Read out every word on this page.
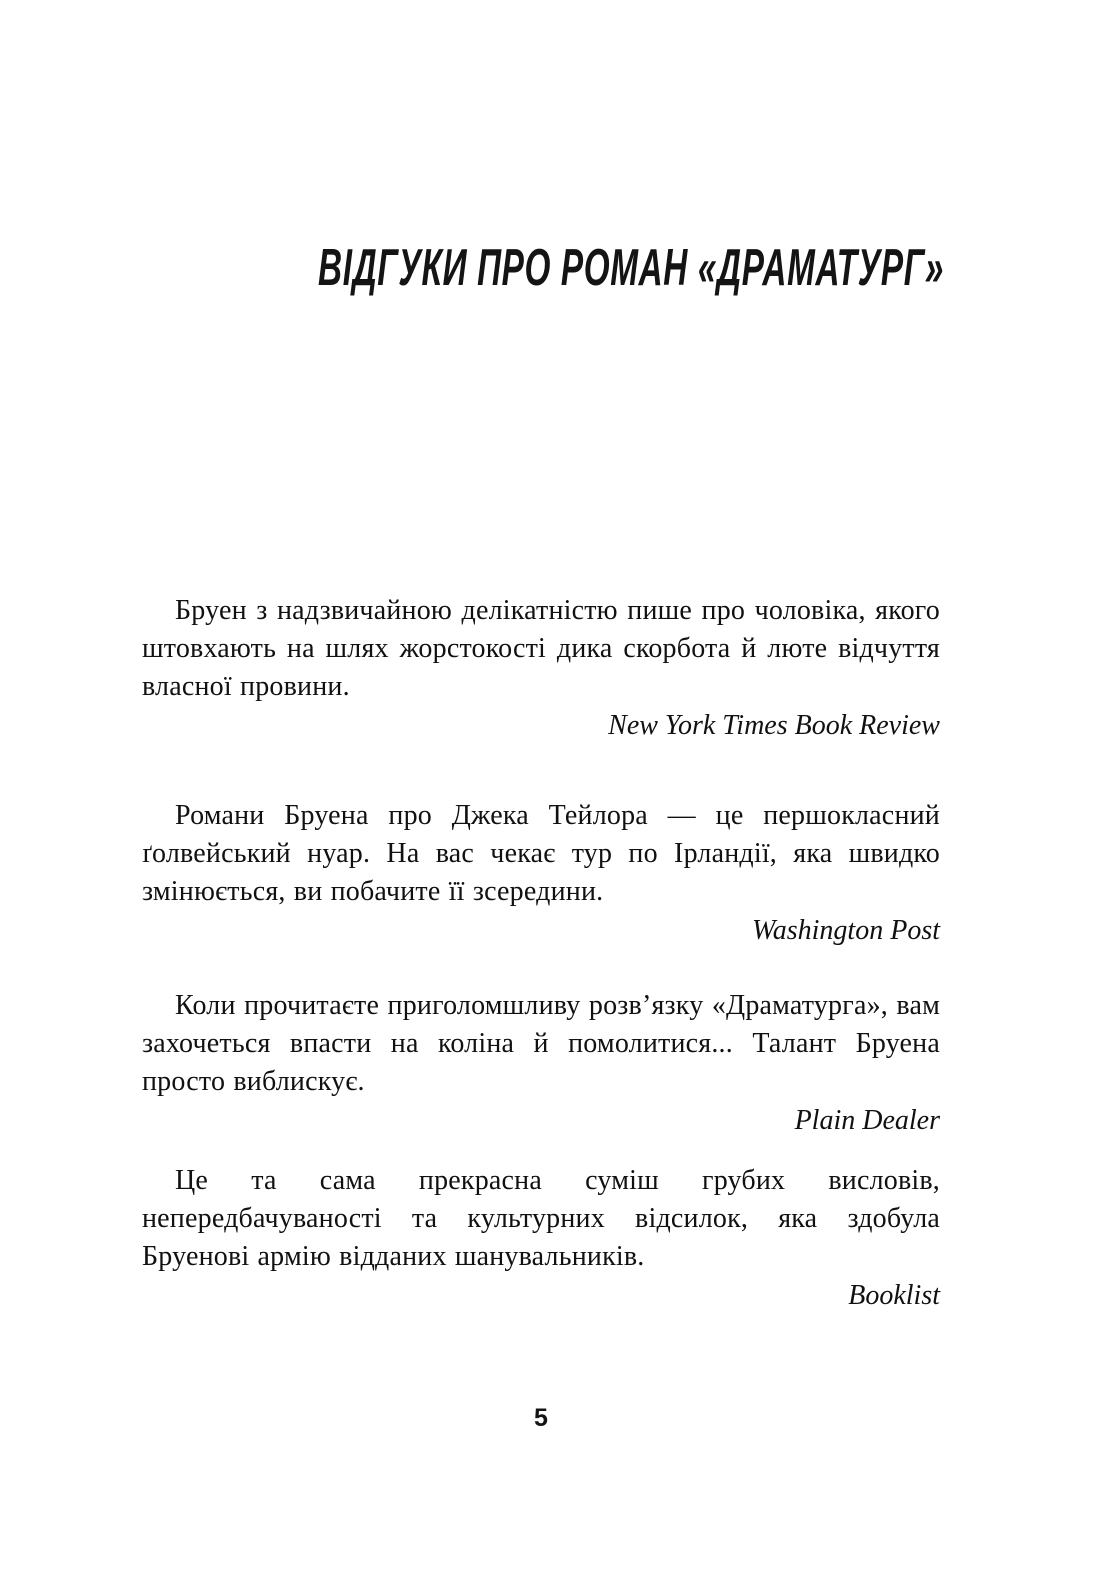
ВІДГУКИ ПРО РОМАН «ДРАМАТУРГ»

Бруен з надзвичайною делікатністю пише про чоловіка, якого штовхають на шлях жорстокості дика скорбота й люте відчуття власної провини.

New York Times Book Review

Романи Бруена про Джека Тейлора — це першокласний ґолвейський нуар. На вас чекає тур по Ірландії, яка швидко змінюється, ви побачите її зсередини.

Washington Post

Коли прочитаєте приголомшливу розв’язку «Драматурга», вам захочеться впасти на коліна й помолитися... Талант Бруена просто виблискує.

Plain Dealer

Це та сама прекрасна суміш грубих висловів, непередбачуваності та культурних відсилок, яка здобула Бруенові армію відданих шанувальників.

Booklist

5
